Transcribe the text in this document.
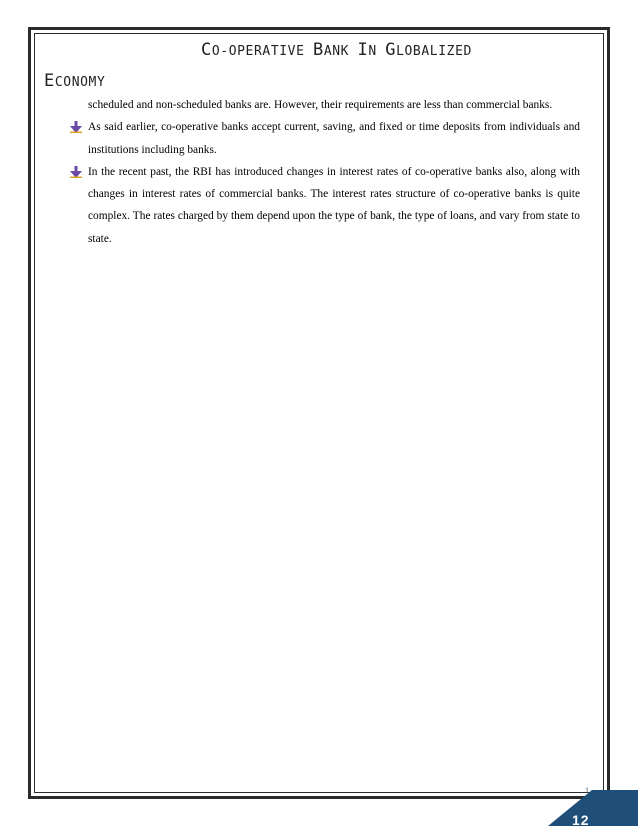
CO-OPERATIVE BANK IN GLOBALIZED
ECONOMY

scheduled and non-scheduled banks are. However, their requirements are less than commercial banks.

As said earlier, co-operative banks accept current, saving, and fixed or time deposits from individuals and institutions including banks.

In the recent past, the RBI has introduced changes in interest rates of co-operative banks also, along with changes in interest rates of commercial banks. The interest rates structure of co-operative banks is quite complex. The rates charged by them depend upon the type of bank, the type of loans, and vary from state to state.

1
12
